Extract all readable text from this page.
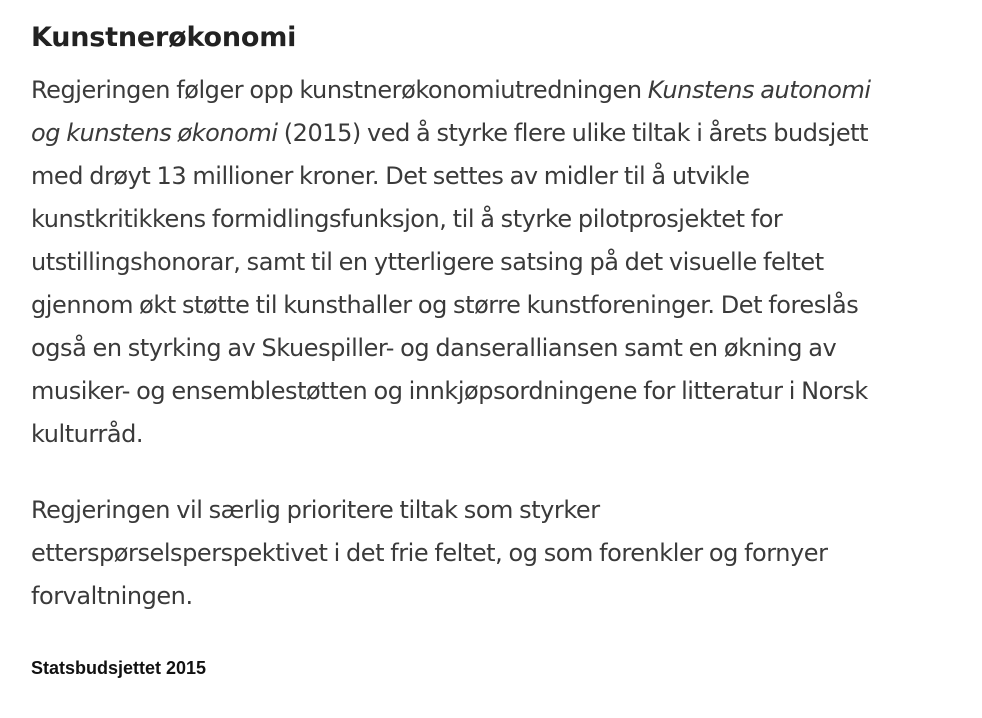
Kunstnerøkonomi

Regjeringen følger opp kunstnerøkonomiutredningen Kunstens autonomi
og kunstens økonomi (2015) ved å styrke flere ulike tiltak i årets budsjett
med drøyt 13 millioner kroner. Det settes av midler til å utvikle
kunstkritikkens formidlingsfunksjon, til å styrke pilotprosjektet for
utstillingshonorar, samt til en ytterligere satsing på det visuelle feltet
gjennom økt støtte til kunsthaller og større kunstforeninger. Det foreslås
også en styrking av Skuespiller- og danseralliansen samt en økning av
musiker- og ensemblestøtten og innkjøpsordningene for litteratur i Norsk
kulturråd.

Regjeringen vil særlig prioritere tiltak som styrker
etterspørselsperspektivet i det frie feltet, og som forenkler og fornyer
forvaltningen.

Statsbudsjettet 2015
